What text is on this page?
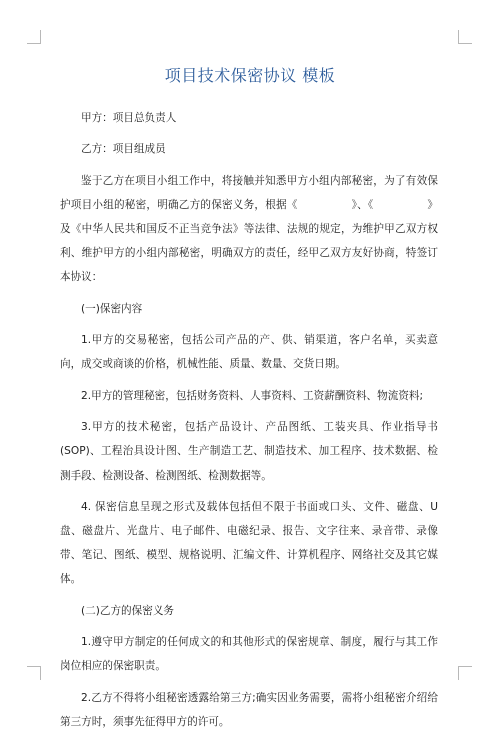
项目技术保密协议 模板

甲方：项目总负责人

乙方：项目组成员

鉴于乙方在项目小组工作中，将接触并知悉甲方小组内部秘密，为了有效保护项目小组的秘密，明确乙方的保密义务，根据《　　　　　》、《　　　　　》及《中华人民共和国反不正当竞争法》等法律、法规的规定，为维护甲乙双方权利、维护甲方的小组内部秘密，明确双方的责任，经甲乙双方友好协商，特签订本协议：

(一)保密内容

1.甲方的交易秘密，包括公司产品的产、供、销渠道，客户名单，买卖意向，成交或商谈的价格，机械性能、质量、数量、交货日期。

2.甲方的管理秘密，包括财务资料、人事资料、工资薪酬资料、物流资料;

3.甲方的技术秘密，包括产品设计、产品图纸、工装夹具、作业指导书(SOP)、工程治具设计图、生产制造工艺、制造技术、加工程序、技术数据、检测手段、检测设备、检测图纸、检测数据等。

4. 保密信息呈现之形式及载体包括但不限于书面或口头、文件、磁盘、U 盘、磁盘片、光盘片、电子邮件、电磁纪录、报告、文字往来、录音带、录像带、笔记、图纸、模型、规格说明、汇编文件、计算机程序、网络社交及其它媒体。

(二)乙方的保密义务

1.遵守甲方制定的任何成文的和其他形式的保密规章、制度，履行与其工作岗位相应的保密职责。

2.乙方不得将小组秘密透露给第三方;确实因业务需要，需将小组秘密介绍给第三方时，须事先征得甲方的许可。
